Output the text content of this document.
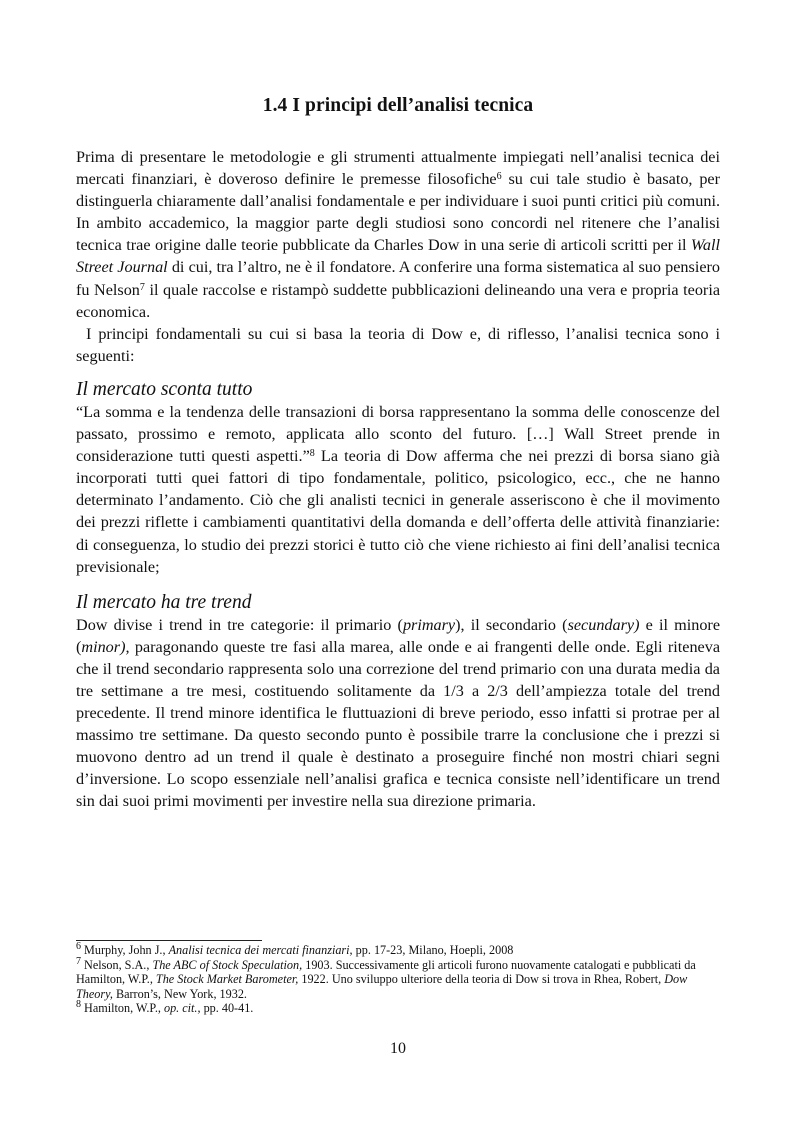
1.4 I principi dell’analisi tecnica

Prima di presentare le metodologie e gli strumenti attualmente impiegati nell’analisi tecnica dei mercati finanziari, è doveroso definire le premesse filosofiche$^6$ su cui tale studio è basato, per distinguerla chiaramente dall’analisi fondamentale e per individuare i suoi punti critici più comuni. In ambito accademico, la maggior parte degli studiosi sono concordi nel ritenere che l’analisi tecnica trae origine dalle teorie pubblicate da Charles Dow in una serie di articoli scritti per il Wall Street Journal di cui, tra l’altro, ne è il fondatore. A conferire una forma sistematica al suo pensiero fu Nelson$^7$ il quale raccolse e ristampò suddette pubblicazioni delineando una vera e propria teoria economica.

I principi fondamentali su cui si basa la teoria di Dow e, di riflesso, l’analisi tecnica sono i seguenti:

Il mercato sconta tutto

“La somma e la tendenza delle transazioni di borsa rappresentano la somma delle conoscenze del passato, prossimo e remoto, applicata allo sconto del futuro. […] Wall Street prende in considerazione tutti questi aspetti.”$^8$ La teoria di Dow afferma che nei prezzi di borsa siano già incorporati tutti quei fattori di tipo fondamentale, politico, psicologico, ecc., che ne hanno determinato l’andamento. Ciò che gli analisti tecnici in generale asseriscono è che il movimento dei prezzi riflette i cambiamenti quantitativi della domanda e dell’offerta delle attività finanziarie: di conseguenza, lo studio dei prezzi storici è tutto ciò che viene richiesto ai fini dell’analisi tecnica previsionale;

Il mercato ha tre trend

Dow divise i trend in tre categorie: il primario (primary), il secondario (secundary) e il minore (minor), paragonando queste tre fasi alla marea, alle onde e ai frangenti delle onde. Egli riteneva che il trend secondario rappresenta solo una correzione del trend primario con una durata media da tre settimane a tre mesi, costituendo solitamente da 1/3 a 2/3 dell’ampiezza totale del trend precedente. Il trend minore identifica le fluttuazioni di breve periodo, esso infatti si protrae per al massimo tre settimane. Da questo secondo punto è possibile trarre la conclusione che i prezzi si muovono dentro ad un trend il quale è destinato a proseguire finché non mostri chiari segni d’inversione. Lo scopo essenziale nell’analisi grafica e tecnica consiste nell’identificare un trend sin dai suoi primi movimenti per investire nella sua direzione primaria.

$^6$ Murphy, John J., Analisi tecnica dei mercati finanziari, pp. 17-23, Milano, Hoepli, 2008

$^7$ Nelson, S.A., The ABC of Stock Speculation, 1903. Successivamente gli articoli furono nuovamente catalogati e pubblicati da Hamilton, W.P., The Stock Market Barometer, 1922. Uno sviluppo ulteriore della teoria di Dow si trova in Rhea, Robert, Dow Theory, Barron’s, New York, 1932.

$^8$ Hamilton, W.P., op. cit., pp. 40-41.

10
